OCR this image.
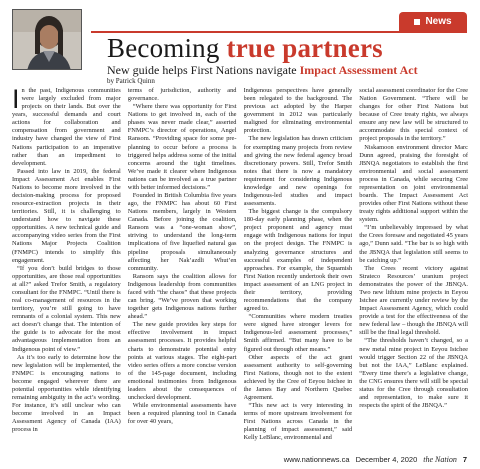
News
Becoming true partners
New guide helps First Nations navigate Impact Assessment Act
by Patrick Quinn

In the past, Indigenous communities were largely excluded from major projects on their lands. But over the years, successful demands and court actions for collaboration and compensation from government and industry have changed the view of First Nations participation to an imperative rather than an impediment to development.

Passed into law in 2019, the federal Impact Assessment Act enables First Nations to become more involved in the decision-making process for proposed resource-extraction projects in their territories. Still, it is challenging to understand how to navigate these opportunities. A new technical guide and accompanying video series from the First Nations Major Projects Coalition (FNMPC) intends to simplify this engagement.

“If you don’t build bridges to those opportunities, are those real opportunities at all?” asked Trefor Smith, a regulatory consultant for the FNMPC. “Until there is real co-management of resources in the territory, you’re still going to have remnants of a colonial system. This new act doesn’t change that. The intention of the guide is to advocate for the most advantageous implementation from an Indigenous point of view.”

As it’s too early to determine how the new legislation will be implemented, the FNMPC is encouraging nations to become engaged wherever there are potential opportunities while identifying remaining ambiguity in the act’s wording. For instance, it’s still unclear who can become involved in an Impact Assessment Agency of Canada (IAA) process in

terms of jurisdiction, authority and governance.

“Where there was opportunity for First Nations to get involved in, each of the phases was never made clear,” asserted FNMPC’s director of operations, Angel Ransom. “Providing space for some pre-planning to occur before a process is triggered helps address some of the initial concerns around the tight timelines. We’ve made it clearer where Indigenous nations can be involved as a true partner with better informed decisions.”

Founded in British Columbia five years ago, the FNMPC has about 60 First Nations members, largely in Western Canada. Before joining the coalition, Ransom was a “one-woman show”, striving to understand the long-term implications of five liquefied natural gas pipeline proposals simultaneously affecting her Nak’azdli Whut’en community.

Ransom says the coalition allows for Indigenous leadership from communities faced with “the chaos” that these projects can bring. “We’ve proven that working together gets Indigenous nations further ahead.”

The new guide provides key steps for effective involvement in impact assessment processes. It provides helpful charts to demonstrate potential entry points at various stages. The eight-part video series offers a more concise version of the 145-page document, including emotional testimonies from Indigenous leaders about the consequences of unchecked development.

While environmental assessments have been a required planning tool in Canada for over 40 years,

Indigenous perspectives have generally been relegated to the background. The previous act adopted by the Harper government in 2012 was particularly maligned for eliminating environmental protection.

The new legislation has drawn criticism for exempting many projects from review and giving the new federal agency broad discretionary powers. Still, Trefor Smith notes that there is now a mandatory requirement for considering Indigenous knowledge and new openings for Indigenous-led studies and impact assessments.

The biggest change is the compulsory 180-day early planning phase, when the project proponent and agency must engage with Indigenous nations for input on the project design. The FNMPC is analyzing governance structures and successful examples of independent approaches. For example, the Squamish First Nation recently undertook their own impact assessment of an LNG project in their territory, providing recommendations that the company agreed to.

“Communities where modern treaties were signed have stronger levers for Indigenous-led assessment processes,” Smith affirmed. “But many have to be figured out through other means.”

Other aspects of the act grant assessment authority to self-governing First Nations, though not to the extent achieved by the Cree of Eeyou Istchee in the James Bay and Northern Quebec Agreement.

“This new act is very interesting in terms of more upstream involvement for First Nations across Canada in the planning of impact assessment,” said Kelly LeBlanc, environmental and

social assessment coordinator for the Cree Nation Government. “There will be changes for other First Nations but because of Cree treaty rights, we always ensure any new law will be structured to accommodate this special context of project proposals in the territory.”

Niskamoon environment director Marc Dunn agreed, praising the foresight of JBNQA negotiators to establish the first environmental and social assessment process in Canada, while securing Cree representation on joint environmental boards. The Impact Assessment Act provides other First Nations without these treaty rights additional support within the system.

“I’m unbelievably impressed by what the Crees foresaw and negotiated 45 years ago,” Dunn said. “The bar is so high with the JBNQA that legislation still seems to be catching up.”

The Crees recent victory against Strateco Resources’ uranium project demonstrates the power of the JBNQA. Two new lithium mine projects in Eeyou Istchee are currently under review by the Impact Assessment Agency, which could provide a test for the effectiveness of the new federal law – though the JBNQA will still be the final legal threshold.

“The thresholds haven’t changed, so a new metal mine project in Eeyou Istchee would trigger Section 22 of the JBNQA but not the IAA,” LeBlanc explained. “Every time there’s a legislative change, the CNG ensures there will still be special status for the Cree through consultation and representation, to make sure it respects the spirit of the JBNQA.”

www.nationnews.ca December 4, 2020 the Nation 7
